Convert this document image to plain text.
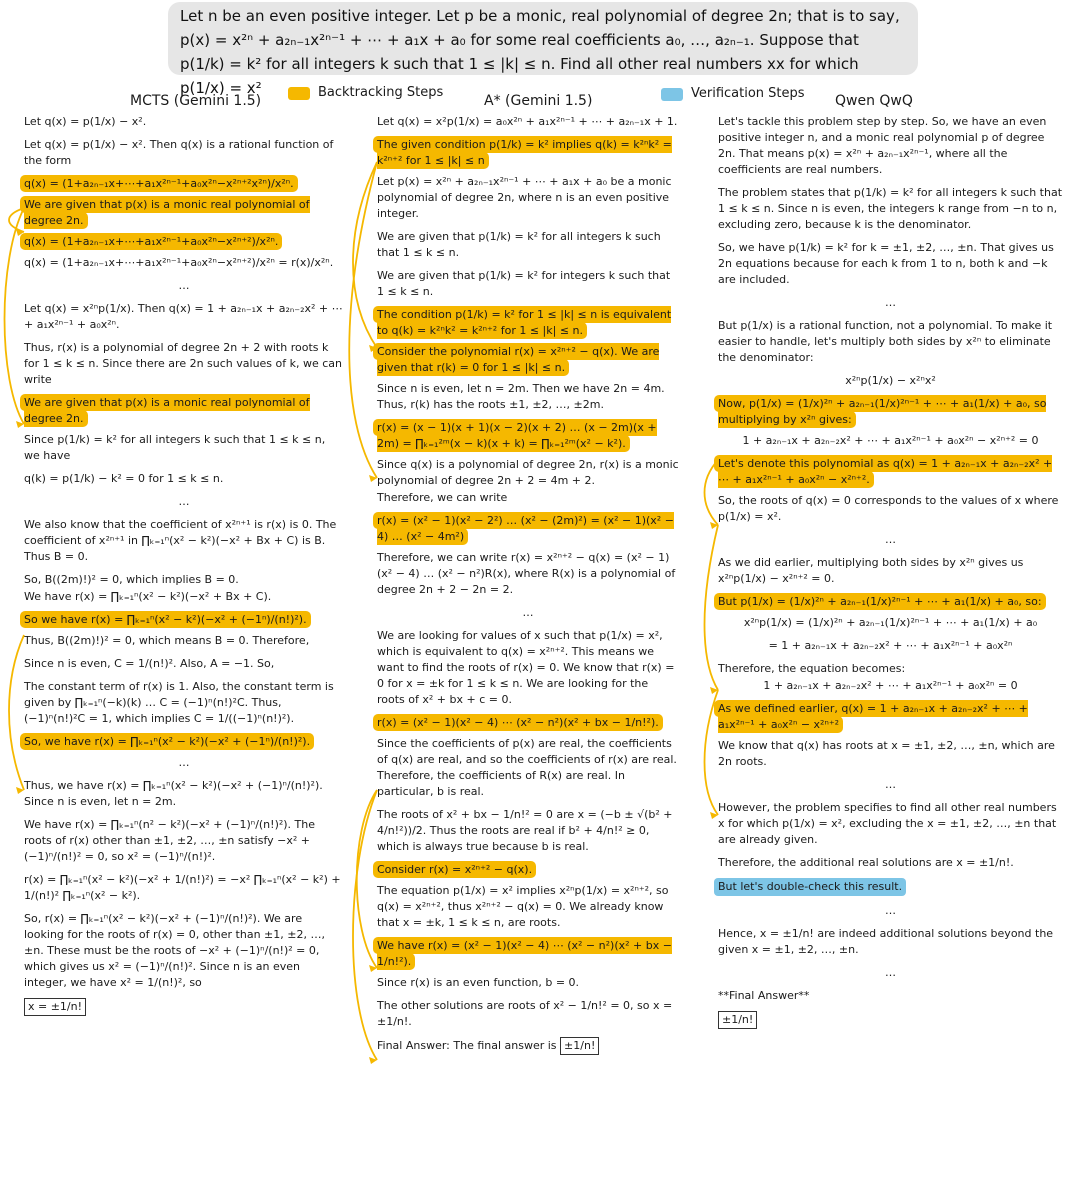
Let n be an even positive integer. Let p be a monic, real polynomial of degree 2n; that is to say, p(x) = x²ⁿ + a₂ₙ₋₁x²ⁿ⁻¹ + ⋯ + a₁x + a₀ for some real coefficients a₀, …, a₂ₙ₋₁. Suppose that p(1/k) = k² for all integers k such that 1 ≤ |k| ≤ n. Find all other real numbers xx for which p(1/x) = x²	Backtracking Steps	Verification Steps
MCTS (Gemini 1.5)	A* (Gemini 1.5)	Qwen QwQ

Let q(x) = p(1/x) − x².

Let q(x) = p(1/x) − x². Then q(x) is a rational function of the form

q(x) = (1+a₂ₙ₋₁x+⋯+a₁x²ⁿ⁻¹+a₀x²ⁿ−x²ⁿ⁺²x²ⁿ)/x²ⁿ.

We are given that p(x) is a monic real polynomial of degree 2n.

q(x) = (1+a₂ₙ₋₁x+⋯+a₁x²ⁿ⁻¹+a₀x²ⁿ−x²ⁿ⁺²)/x²ⁿ.

q(x) = (1+a₂ₙ₋₁x+⋯+a₁x²ⁿ⁻¹+a₀x²ⁿ−x²ⁿ⁺²)/x²ⁿ = r(x)/x²ⁿ.

…

Let q(x) = x²ⁿp(1/x). Then q(x) = 1 + a₂ₙ₋₁x + a₂ₙ₋₂x² + ⋯ + a₁x²ⁿ⁻¹ + a₀x²ⁿ.

Thus, r(x) is a polynomial of degree 2n + 2 with roots k for 1 ≤ k ≤ n. Since there are 2n such values of k, we can write

We are given that p(x) is a monic real polynomial of degree 2n.

Since p(1/k) = k² for all integers k such that 1 ≤ k ≤ n, we have

q(k) = p(1/k) − k² = 0 for 1 ≤ k ≤ n.

…

We also know that the coefficient of x²ⁿ⁺¹ is r(x) is 0. The coefficient of x²ⁿ⁺¹ in ∏ₖ₌₁ⁿ(x² − k²)(−x² + Bx + C) is B. Thus B = 0.

So, B((2m)!)² = 0, which implies B = 0.

We have r(x) = ∏ₖ₌₁ⁿ(x² − k²)(−x² + Bx + C).

So we have r(x) = ∏ₖ₌₁ⁿ(x² − k²)(−x² + (−1ⁿ)/(n!)²).

Thus, B((2m)!)² = 0, which means B = 0. Therefore,

Since n is even, C = 1/(n!)². Also, A = −1. So,

The constant term of r(x) is 1. Also, the constant term is given by ∏ₖ₌₁ⁿ(−k)(k) … C = (−1)ⁿ(n!)²C. Thus, (−1)ⁿ(n!)²C = 1, which implies C = 1/((−1)ⁿ(n!)²).

So, we have r(x) = ∏ₖ₌₁ⁿ(x² − k²)(−x² + (−1ⁿ)/(n!)²).

…

Thus, we have r(x) = ∏ₖ₌₁ⁿ(x² − k²)(−x² + (−1)ⁿ/(n!)²). Since n is even, let n = 2m.

We have r(x) = ∏ₖ₌₁ⁿ(n² − k²)(−x² + (−1)ⁿ/(n!)²). The roots of r(x) other than ±1, ±2, …, ±n satisfy −x² + (−1)ⁿ/(n!)² = 0, so x² = (−1)ⁿ/(n!)².

r(x) = ∏ₖ₌₁ⁿ(x² − k²)(−x² + 1/(n!)²) = −x² ∏ₖ₌₁ⁿ(x² − k²) + 1/(n!)² ∏ₖ₌₁ⁿ(x² − k²).

So, r(x) = ∏ₖ₌₁ⁿ(x² − k²)(−x² + (−1)ⁿ/(n!)²). We are looking for the roots of r(x) = 0, other than ±1, ±2, …, ±n. These must be the roots of −x² + (−1)ⁿ/(n!)² = 0, which gives us x² = (−1)ⁿ/(n!)². Since n is an even integer, we have x² = 1/(n!)², so

x = ±1/n!

Let q(x) = x²p(1/x) = a₀x²ⁿ + a₁x²ⁿ⁻¹ + ⋯ + a₂ₙ₋₁x + 1.

The given condition p(1/k) = k² implies q(k) = k²ⁿk² = k²ⁿ⁺² for 1 ≤ |k| ≤ n

Let p(x) = x²ⁿ + a₂ₙ₋₁x²ⁿ⁻¹ + ⋯ + a₁x + a₀ be a monic polynomial of degree 2n, where n is an even positive integer.

We are given that p(1/k) = k² for all integers k such that 1 ≤ k ≤ n.

We are given that p(1/k) = k² for integers k such that 1 ≤ k ≤ n.

The condition p(1/k) = k² for 1 ≤ |k| ≤ n is equivalent to q(k) = k²ⁿk² = k²ⁿ⁺² for 1 ≤ |k| ≤ n.

Consider the polynomial r(x) = x²ⁿ⁺² − q(x). We are given that r(k) = 0 for 1 ≤ |k| ≤ n.

Since n is even, let n = 2m. Then we have 2n = 4m. Thus, r(k) has the roots ±1, ±2, …, ±2m.

r(x) = (x − 1)(x + 1)(x − 2)(x + 2) … (x − 2m)(x + 2m) = ∏ₖ₌₁²ᵐ(x − k)(x + k) = ∏ₖ₌₁²ᵐ(x² − k²).

Since q(x) is a polynomial of degree 2n, r(x) is a monic polynomial of degree 2n + 2 = 4m + 2.

Therefore, we can write

r(x) = (x² − 1)(x² − 2²) … (x² − (2m)²) = (x² − 1)(x² − 4) … (x² − 4m²)

Therefore, we can write r(x) = x²ⁿ⁺² − q(x) = (x² − 1)(x² − 4) … (x² − n²)R(x), where R(x) is a polynomial of degree 2n + 2 − 2n = 2.

…

We are looking for values of x such that p(1/x) = x², which is equivalent to q(x) = x²ⁿ⁺². This means we want to find the roots of r(x) = 0. We know that r(x) = 0 for x = ±k for 1 ≤ k ≤ n. We are looking for the roots of x² + bx + c = 0.

r(x) = (x² − 1)(x² − 4) ⋯ (x² − n²)(x² + bx − 1/n!²).

Since the coefficients of p(x) are real, the coefficients of q(x) are real, and so the coefficients of r(x) are real. Therefore, the coefficients of R(x) are real. In particular, b is real.

The roots of x² + bx − 1/n!² = 0 are x = (−b ± √(b² + 4/n!²))/2. Thus the roots are real if b² + 4/n!² ≥ 0, which is always true because b is real.

Consider r(x) = x²ⁿ⁺² − q(x).

The equation p(1/x) = x² implies x²ⁿp(1/x) = x²ⁿ⁺², so q(x) = x²ⁿ⁺², thus x²ⁿ⁺² − q(x) = 0. We already know that x = ±k, 1 ≤ k ≤ n, are roots.

We have r(x) = (x² − 1)(x² − 4) ⋯ (x² − n²)(x² + bx − 1/n!²).

Since r(x) is an even function, b = 0.

The other solutions are roots of x² − 1/n!² = 0, so x = ±1/n!.

Final Answer: The final answer is ±1/n!

Let's tackle this problem step by step. So, we have an even positive integer n, and a monic real polynomial p of degree 2n. That means p(x) = x²ⁿ + a₂ₙ₋₁x²ⁿ⁻¹, where all the coefficients are real numbers.

The problem states that p(1/k) = k² for all integers k such that 1 ≤ k ≤ n. Since n is even, the integers k range from −n to n, excluding zero, because k is the denominator.

So, we have p(1/k) = k² for k = ±1, ±2, …, ±n. That gives us 2n equations because for each k from 1 to n, both k and −k are included.

…

But p(1/x) is a rational function, not a polynomial. To make it easier to handle, let's multiply both sides by x²ⁿ to eliminate the denominator:

x²ⁿp(1/x) − x²ⁿx²

Now, p(1/x) = (1/x)²ⁿ + a₂ₙ₋₁(1/x)²ⁿ⁻¹ + ⋯ + a₁(1/x) + a₀, so multiplying by x²ⁿ gives:

1 + a₂ₙ₋₁x + a₂ₙ₋₂x² + ⋯ + a₁x²ⁿ⁻¹ + a₀x²ⁿ − x²ⁿ⁺² = 0

Let's denote this polynomial as q(x) = 1 + a₂ₙ₋₁x + a₂ₙ₋₂x² + ⋯ + a₁x²ⁿ⁻¹ + a₀x²ⁿ − x²ⁿ⁺².

So, the roots of q(x) = 0 corresponds to the values of x where p(1/x) = x².

…

As we did earlier, multiplying both sides by x²ⁿ gives us x²ⁿp(1/x) − x²ⁿ⁺² = 0.

But p(1/x) = (1/x)²ⁿ + a₂ₙ₋₁(1/x)²ⁿ⁻¹ + ⋯ + a₁(1/x) + a₀, so:

x²ⁿp(1/x) = (1/x)²ⁿ + a₂ₙ₋₁(1/x)²ⁿ⁻¹ + ⋯ + a₁(1/x) + a₀

= 1 + a₂ₙ₋₁x + a₂ₙ₋₂x² + ⋯ + a₁x²ⁿ⁻¹ + a₀x²ⁿ

Therefore, the equation becomes:

1 + a₂ₙ₋₁x + a₂ₙ₋₂x² + ⋯ + a₁x²ⁿ⁻¹ + a₀x²ⁿ = 0

As we defined earlier, q(x) = 1 + a₂ₙ₋₁x + a₂ₙ₋₂x² + ⋯ + a₁x²ⁿ⁻¹ + a₀x²ⁿ − x²ⁿ⁺²

We know that q(x) has roots at x = ±1, ±2, …, ±n, which are 2n roots.

…

However, the problem specifies to find all other real numbers x for which p(1/x) = x², excluding the x = ±1, ±2, …, ±n that are already given.

Therefore, the additional real solutions are x = ±1/n!.

But let's double-check this result.

…

Hence, x = ±1/n! are indeed additional solutions beyond the given x = ±1, ±2, …, ±n.

…

**Final Answer**

±1/n!
